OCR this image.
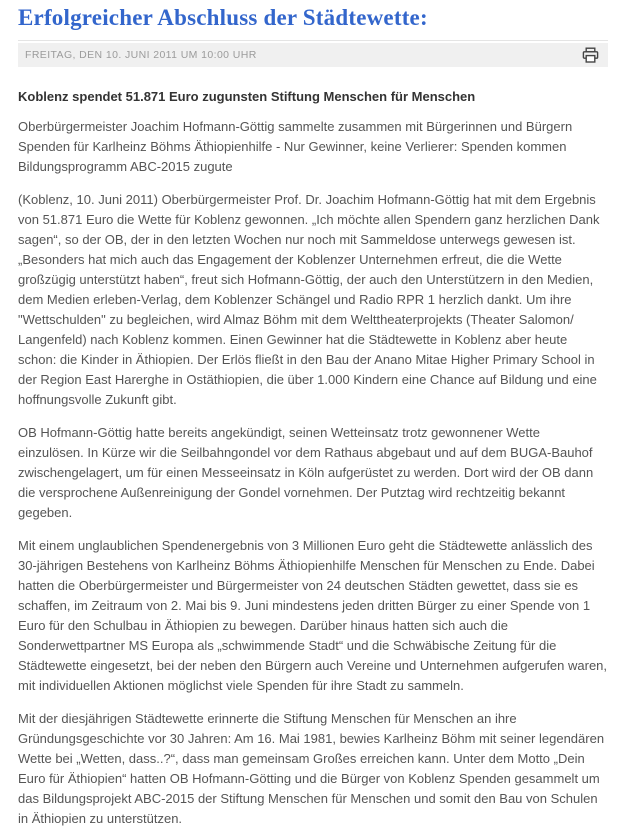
Erfolgreicher Abschluss der Städtewette:
FREITAG, DEN 10. JUNI 2011 UM 10:00 UHR
Koblenz spendet 51.871 Euro zugunsten Stiftung Menschen für Menschen

Oberbürgermeister Joachim Hofmann-Göttig sammelte zusammen mit Bürgerinnen und Bürgern Spenden für Karlheinz Böhms Äthiopienhilfe - Nur Gewinner, keine Verlierer: Spenden kommen Bildungsprogramm ABC-2015 zugute

(Koblenz, 10. Juni 2011) Oberbürgermeister Prof. Dr. Joachim Hofmann-Göttig hat mit dem Ergebnis von 51.871 Euro die Wette für Koblenz gewonnen. „Ich möchte allen Spendern ganz herzlichen Dank sagen“, so der OB, der in den letzten Wochen nur noch mit Sammeldose unterwegs gewesen ist. „Besonders hat mich auch das Engagement der Koblenzer Unternehmen erfreut, die die Wette großzügig unterstützt haben“, freut sich Hofmann-Göttig, der auch den Unterstützern in den Medien, dem Medien erleben-Verlag, dem Koblenzer Schängel und Radio RPR 1 herzlich dankt. Um ihre "Wettschulden" zu begleichen, wird Almaz Böhm mit dem Welttheaterprojekts (Theater Salomon/ Langenfeld) nach Koblenz kommen. Einen Gewinner hat die Städtewette in Koblenz aber heute schon: die Kinder in Äthiopien. Der Erlös fließt in den Bau der Anano Mitae Higher Primary School in der Region East Harerghe in Ostäthiopien, die über 1.000 Kindern eine Chance auf Bildung und eine hoffnungsvolle Zukunft gibt.

OB Hofmann-Göttig hatte bereits angekündigt, seinen Wetteinsatz trotz gewonnener Wette einzulösen. In Kürze wir die Seilbahngondel vor dem Rathaus abgebaut und auf dem BUGA-Bauhof zwischengelagert, um für einen Messeeinsatz in Köln aufgerüstet zu werden. Dort wird der OB dann die versprochene Außenreinigung der Gondel vornehmen. Der Putztag wird rechtzeitig bekannt gegeben.

Mit einem unglaublichen Spendenergebnis von 3 Millionen Euro geht die Städtewette anlässlich des 30-jährigen Bestehens von Karlheinz Böhms Äthiopienhilfe Menschen für Menschen zu Ende. Dabei hatten die Oberbürgermeister und Bürgermeister von 24 deutschen Städten gewettet, dass sie es schaffen, im Zeitraum von 2. Mai bis 9. Juni mindestens jeden dritten Bürger zu einer Spende von 1 Euro für den Schulbau in Äthiopien zu bewegen. Darüber hinaus hatten sich auch die Sonderwettpartner MS Europa als „schwimmende Stadt“ und die Schwäbische Zeitung für die Städtewette eingesetzt, bei der neben den Bürgern auch Vereine und Unternehmen aufgerufen waren, mit individuellen Aktionen möglichst viele Spenden für ihre Stadt zu sammeln.

Mit der diesjährigen Städtewette erinnerte die Stiftung Menschen für Menschen an ihre Gründungsgeschichte vor 30 Jahren: Am 16. Mai 1981, bewies Karlheinz Böhm mit seiner legendären Wette bei „Wetten, dass..?“, dass man gemeinsam Großes erreichen kann. Unter dem Motto „Dein Euro für Äthiopien“ hatten OB Hofmann-Götting und die Bürger von Koblenz Spenden gesammelt um das Bildungsprojekt ABC-2015 der Stiftung Menschen für Menschen und somit den Bau von Schulen in Äthiopien zu unterstützen.
